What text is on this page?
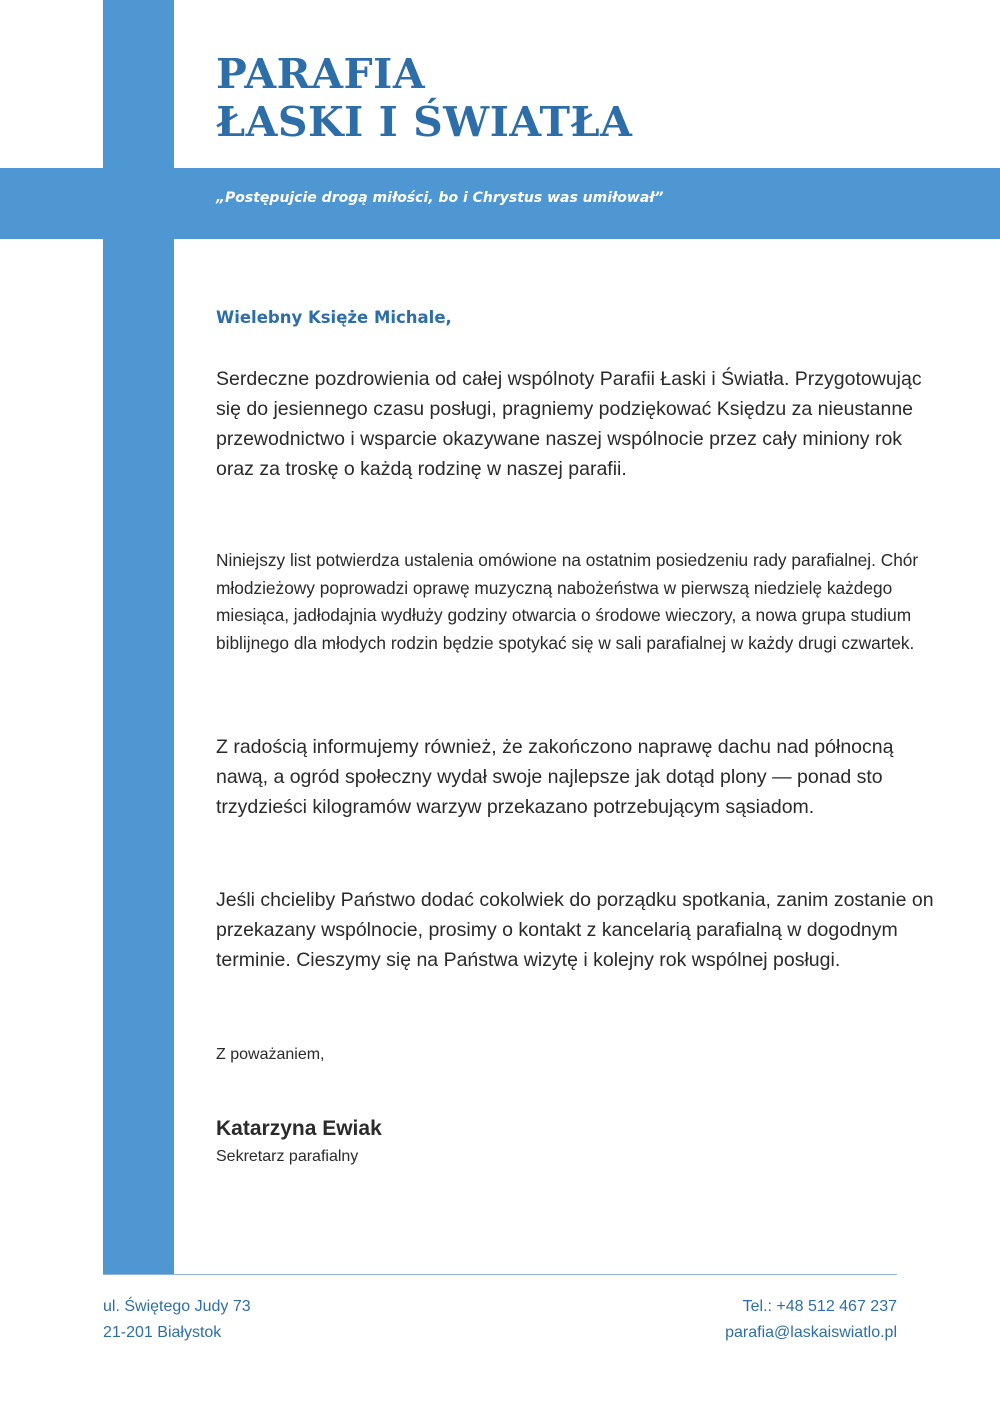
PARAFIA
ŁASKI I ŚWIATŁA
„Postępujcie drogą miłości, bo i Chrystus was umiłował”
Wielebny Księże Michale,

Serdeczne pozdrowienia od całej wspólnoty Parafii Łaski i Światła. Przygotowując się do jesiennego czasu posługi, pragniemy podziękować Księdzu za nieustanne przewodnictwo i wsparcie okazywane naszej wspólnocie przez cały miniony rok oraz za troskę o każdą rodzinę w naszej parafii.

Niniejszy list potwierdza ustalenia omówione na ostatnim posiedzeniu rady parafialnej. Chór młodzieżowy poprowadzi oprawę muzyczną nabożeństwa w pierwszą niedzielę każdego miesiąca, jadłodajnia wydłuży godziny otwarcia o środowe wieczory, a nowa grupa studium biblijnego dla młodych rodzin będzie spotykać się w sali parafialnej w każdy drugi czwartek.

Z radością informujemy również, że zakończono naprawę dachu nad północną nawą, a ogród społeczny wydał swoje najlepsze jak dotąd plony — ponad sto trzydzieści kilogramów warzyw przekazano potrzebującym sąsiadom.

Jeśli chcieliby Państwo dodać cokolwiek do porządku spotkania, zanim zostanie on przekazany wspólnocie, prosimy o kontakt z kancelarią parafialną w dogodnym terminie. Cieszymy się na Państwa wizytę i kolejny rok wspólnej posługi.

Z poważaniem,
Katarzyna Ewiak
Sekretarz parafialny
ul. Świętego Judy 73
21-201 Białystok
Tel.: +48 512 467 237
parafia@laskaiswiatlo.pl
